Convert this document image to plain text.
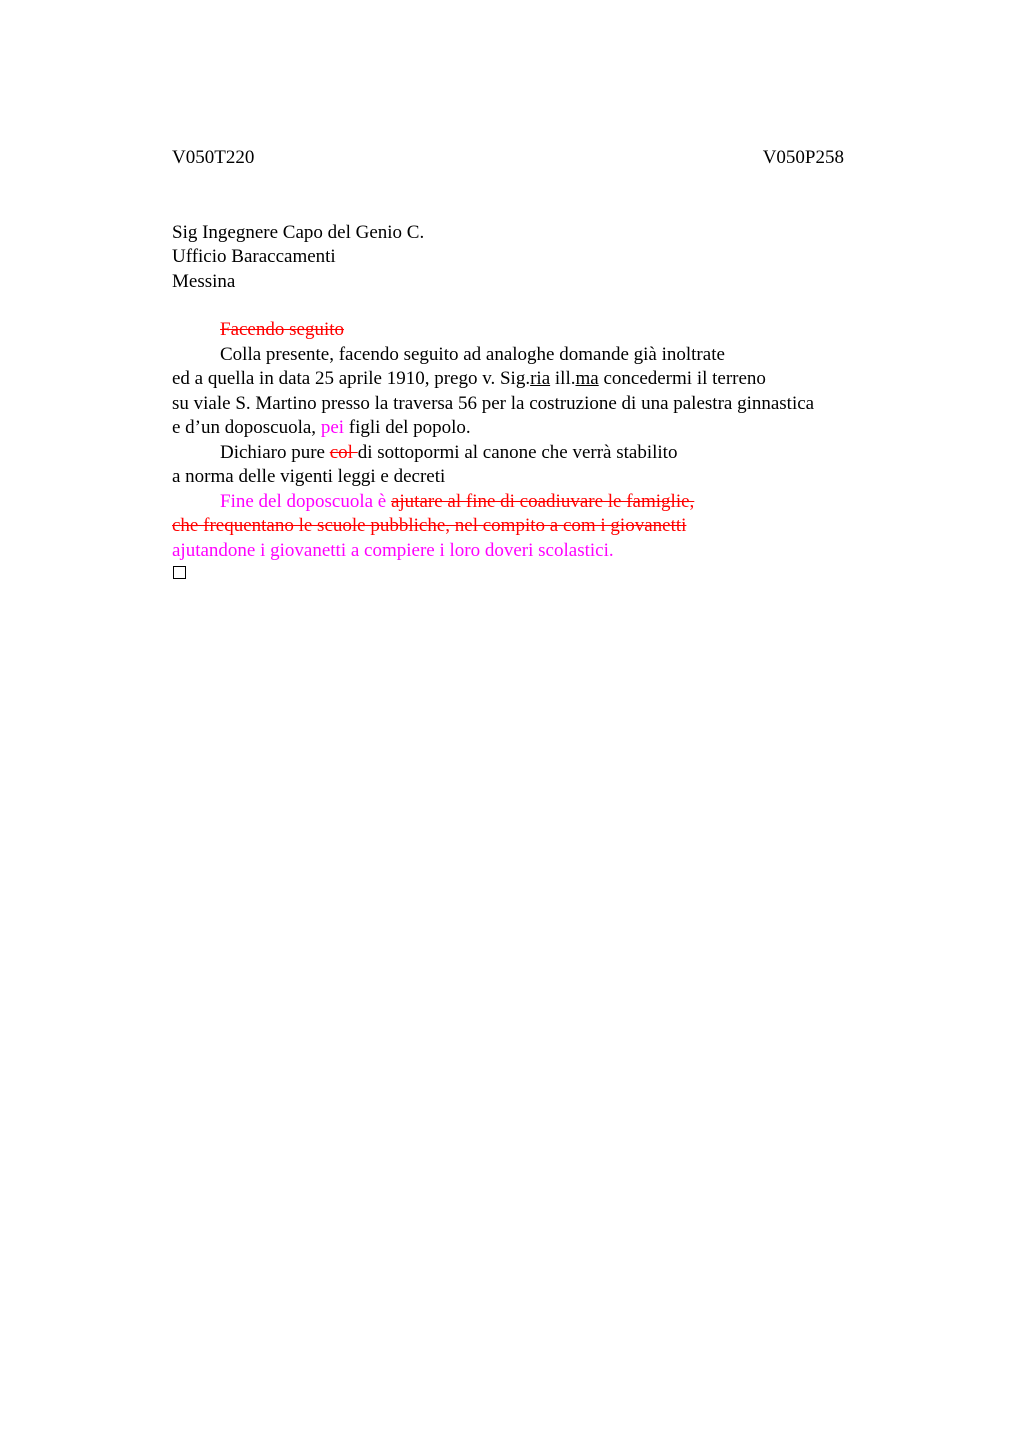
V050T220	V050P258
Sig Ingegnere Capo del Genio C.
Ufficio Baraccamenti
Messina
Facendo seguito
Colla presente, facendo seguito ad analoghe domande già inoltrate
ed a quella in data 25 aprile 1910, prego v. Sig.ria ill.ma concedermi il terreno
su viale S. Martino presso la traversa 56 per la costruzione di una palestra ginnastica
e d’un doposcuola, pei figli del popolo.
Dichiaro pure col di sottopormi al canone che verrà stabilito
a norma delle vigenti leggi e decreti
Fine del doposcuola è ajutare al fine di coadiuvare le famiglie,
che frequentano le scuole pubbliche, nel compito a com i giovanetti
ajutandone i giovanetti a compiere i loro doveri scolastici.
